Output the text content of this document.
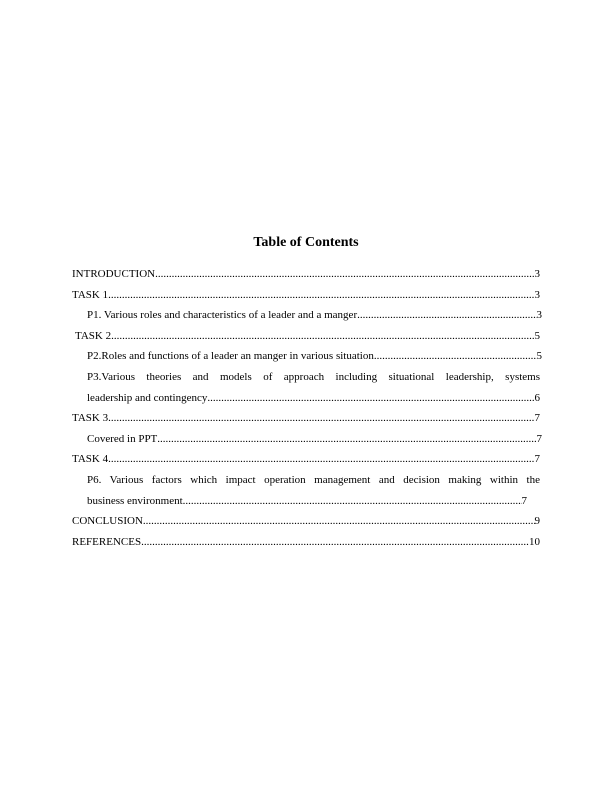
Table of Contents
INTRODUCTION .....	3
TASK 1 .....	3
P1. Various roles and characteristics of a leader and a manger .....	3
TASK 2 .....	5
P2.Roles and functions of a leader an manger in various situation .....	5
P3.Various theories and models of approach including situational leadership, systems
leadership and contingency .....	6
TASK 3 .....	7
Covered in PPT .....	7
TASK 4 .....	7
P6. Various factors which impact operation management and decision making within the
business environment .....	7
CONCLUSION .....	9
REFERENCES .....	10
